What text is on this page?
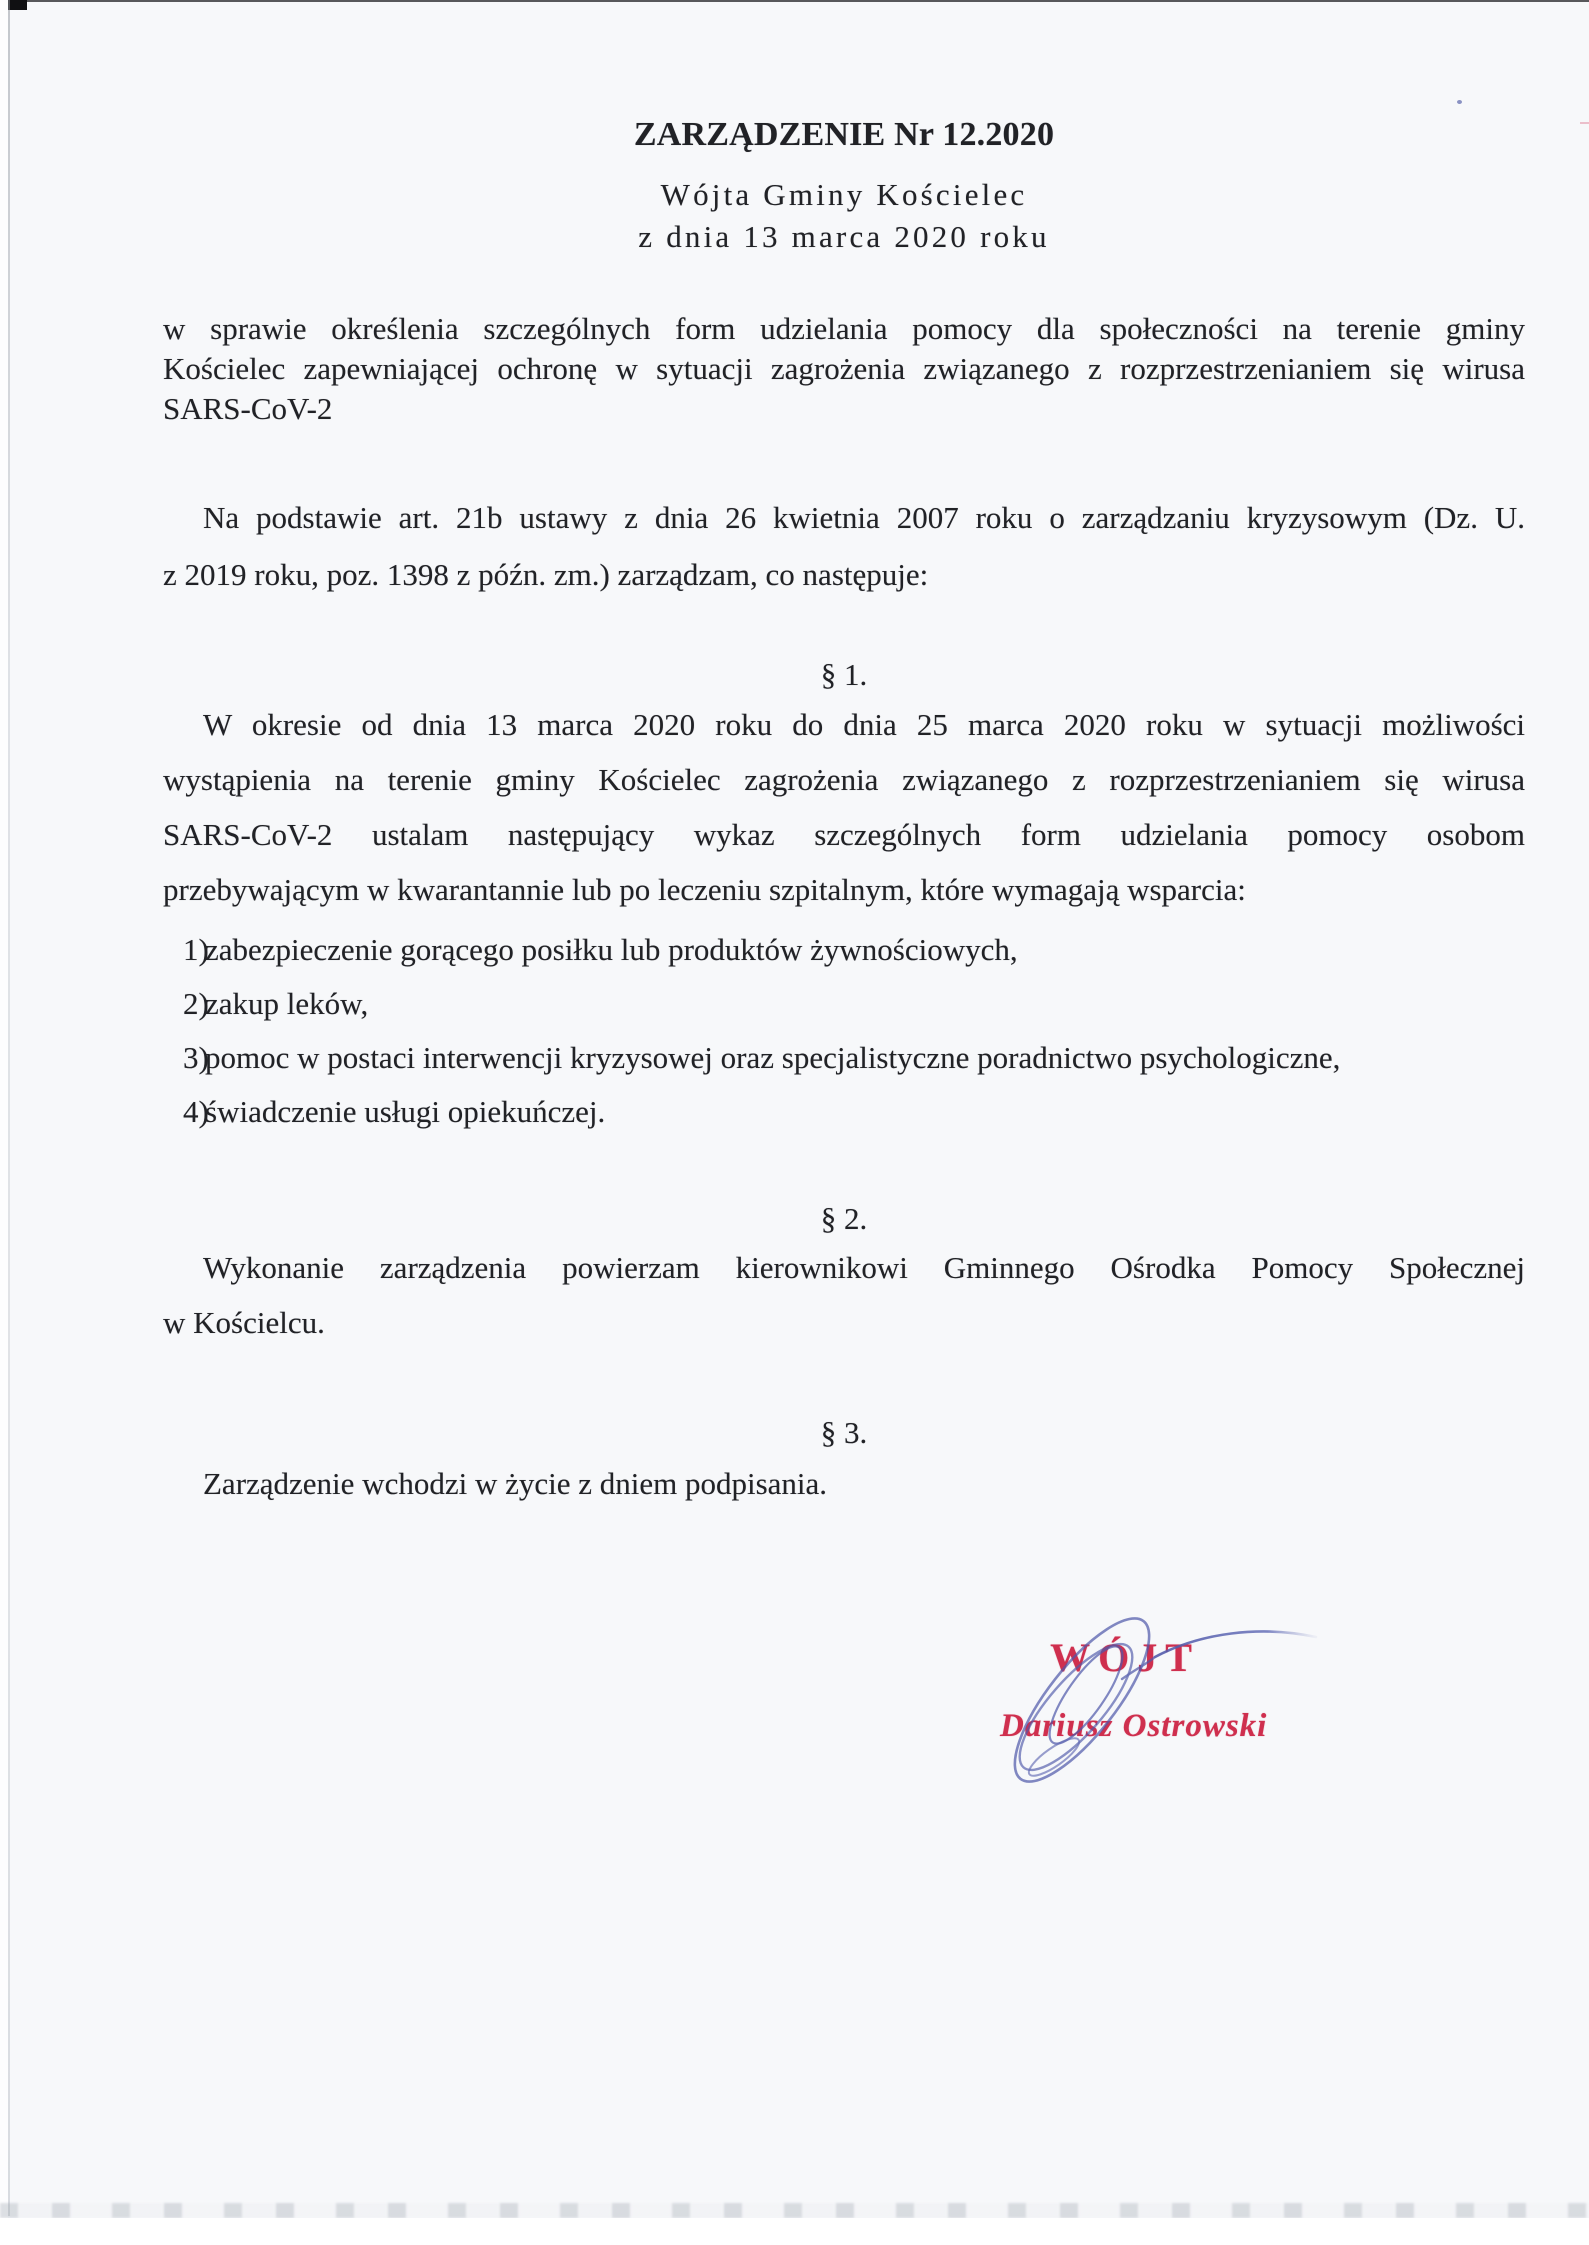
ZARZĄDZENIE Nr 12.2020
Wójta Gminy Kościelec
z dnia 13 marca 2020 roku
w sprawie określenia szczególnych form udzielania pomocy dla społeczności na terenie gminy
Kościelec zapewniającej ochronę w sytuacji zagrożenia związanego z rozprzestrzenianiem się wirusa
SARS-CoV-2
Na podstawie art. 21b ustawy z dnia 26 kwietnia 2007 roku o zarządzaniu kryzysowym (Dz. U.
z 2019 roku, poz. 1398 z późn. zm.) zarządzam, co następuje:
§ 1.
W okresie od dnia 13 marca 2020 roku do dnia 25 marca 2020 roku w sytuacji możliwości
wystąpienia na terenie gminy Kościelec zagrożenia związanego z rozprzestrzenianiem się wirusa
SARS-CoV-2 ustalam następujący wykaz szczególnych form udzielania pomocy osobom
przebywającym w kwarantannie lub po leczeniu szpitalnym, które wymagają wsparcia:
1)
zabezpieczenie gorącego posiłku lub produktów żywnościowych,
2)
zakup leków,
3)
pomoc w postaci interwencji kryzysowej oraz specjalistyczne poradnictwo psychologiczne,
4)
świadczenie usługi opiekuńczej.
§ 2.
Wykonanie zarządzenia powierzam kierownikowi Gminnego Ośrodka Pomocy Społecznej
w Kościelcu.
§ 3.
Zarządzenie wchodzi w życie z dniem podpisania.
WÓJT
Dariusz Ostrowski
